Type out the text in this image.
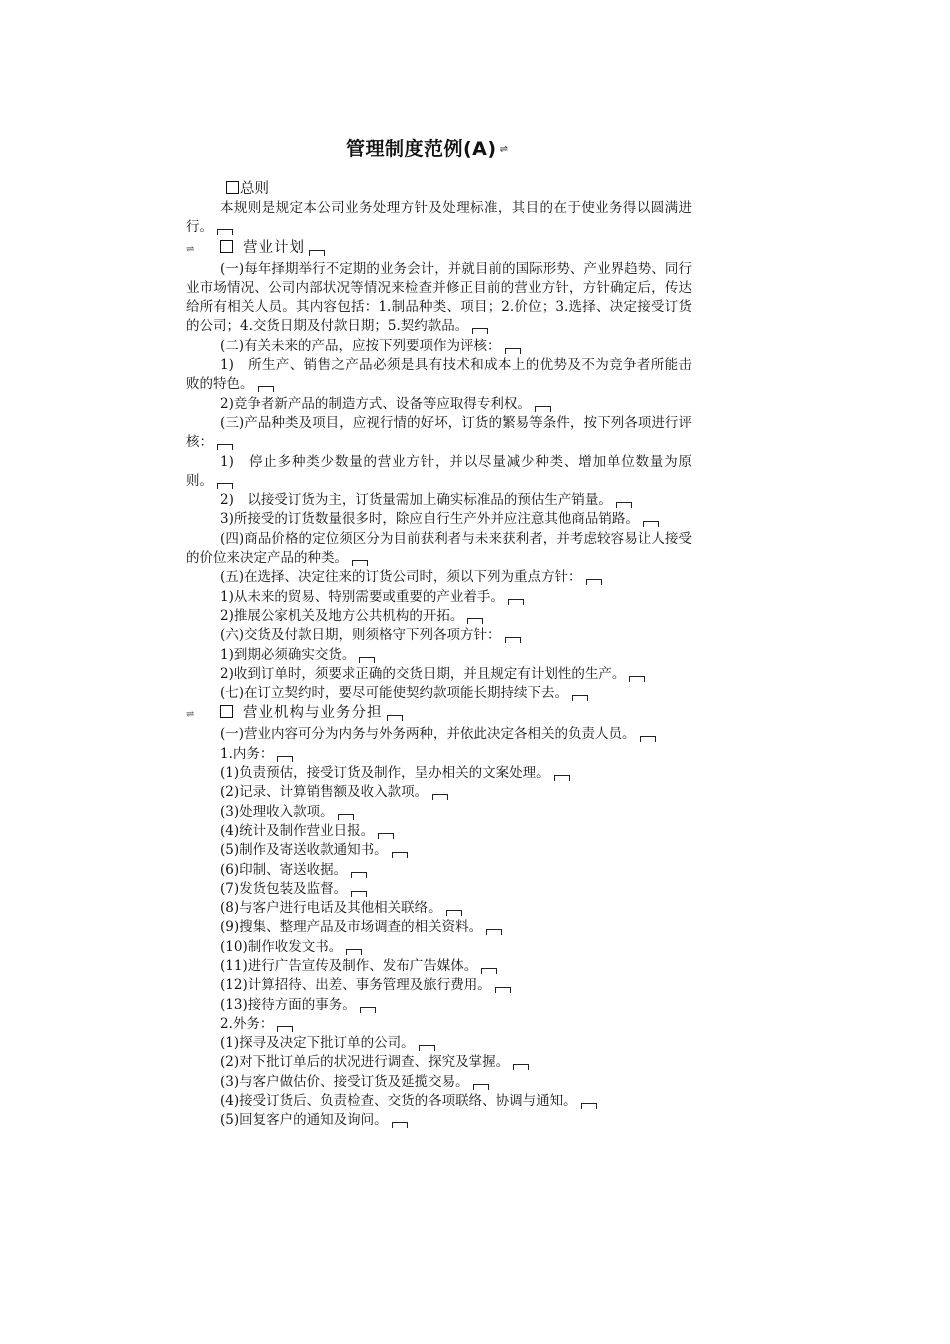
管理制度范例(A) ⇌

总则

本规则是规定本公司业务处理方针及处理标准，其目的在于使业务得以圆满进行。

⇌	营业计划

(一)每年择期举行不定期的业务会计，并就目前的国际形势、产业界趋势、同行业市场情况、公司内部状况等情况来检查并修正目前的营业方针，方针确定后，传达给所有相关人员。其内容包括：1.制品种类、项目；2.价位；3.选择、决定接受订货的公司；4.交货日期及付款日期；5.契约款品。

(二)有关未来的产品，应按下列要项作为评核：

1)　所生产、销售之产品必须是具有技术和成本上的优势及不为竞争者所能击败的特色。

2)竞争者新产品的制造方式、设备等应取得专利权。

(三)产品种类及项目，应视行情的好坏，订货的繁易等条件，按下列各项进行评核：

1)　停止多种类少数量的营业方针，并以尽量减少种类、增加单位数量为原则。

2)　以接受订货为主，订货量需加上确实标准品的预估生产销量。

3)所接受的订货数量很多时，除应自行生产外并应注意其他商品销路。

(四)商品价格的定位须区分为目前获利者与未来获利者，并考虑较容易让人接受的价位来决定产品的种类。

(五)在选择、决定往来的订货公司时，须以下列为重点方针：

1)从未来的贸易、特别需要或重要的产业着手。

2)推展公家机关及地方公共机构的开拓。

(六)交货及付款日期，则须格守下列各项方针：

1)到期必须确实交货。

2)收到订单时，须要求正确的交货日期，并且规定有计划性的生产。

(七)在订立契约时，要尽可能使契约款项能长期持续下去。

⇌	营业机构与业务分担

(一)营业内容可分为内务与外务两种，并依此决定各相关的负责人员。

1.内务：

(1)负责预估，接受订货及制作，呈办相关的文案处理。

(2)记录、计算销售额及收入款项。

(3)处理收入款项。

(4)统计及制作营业日报。

(5)制作及寄送收款通知书。

(6)印制、寄送收据。

(7)发货包装及监督。

(8)与客户进行电话及其他相关联络。

(9)搜集、整理产品及市场调查的相关资料。

(10)制作收发文书。

(11)进行广告宣传及制作、发布广告媒体。

(12)计算招待、出差、事务管理及旅行费用。

(13)接待方面的事务。

2.外务：

(1)探寻及决定下批订单的公司。

(2)对下批订单后的状况进行调查、探究及掌握。

(3)与客户做估价、接受订货及延揽交易。

(4)接受订货后、负责检查、交货的各项联络、协调与通知。

(5)回复客户的通知及询问。
